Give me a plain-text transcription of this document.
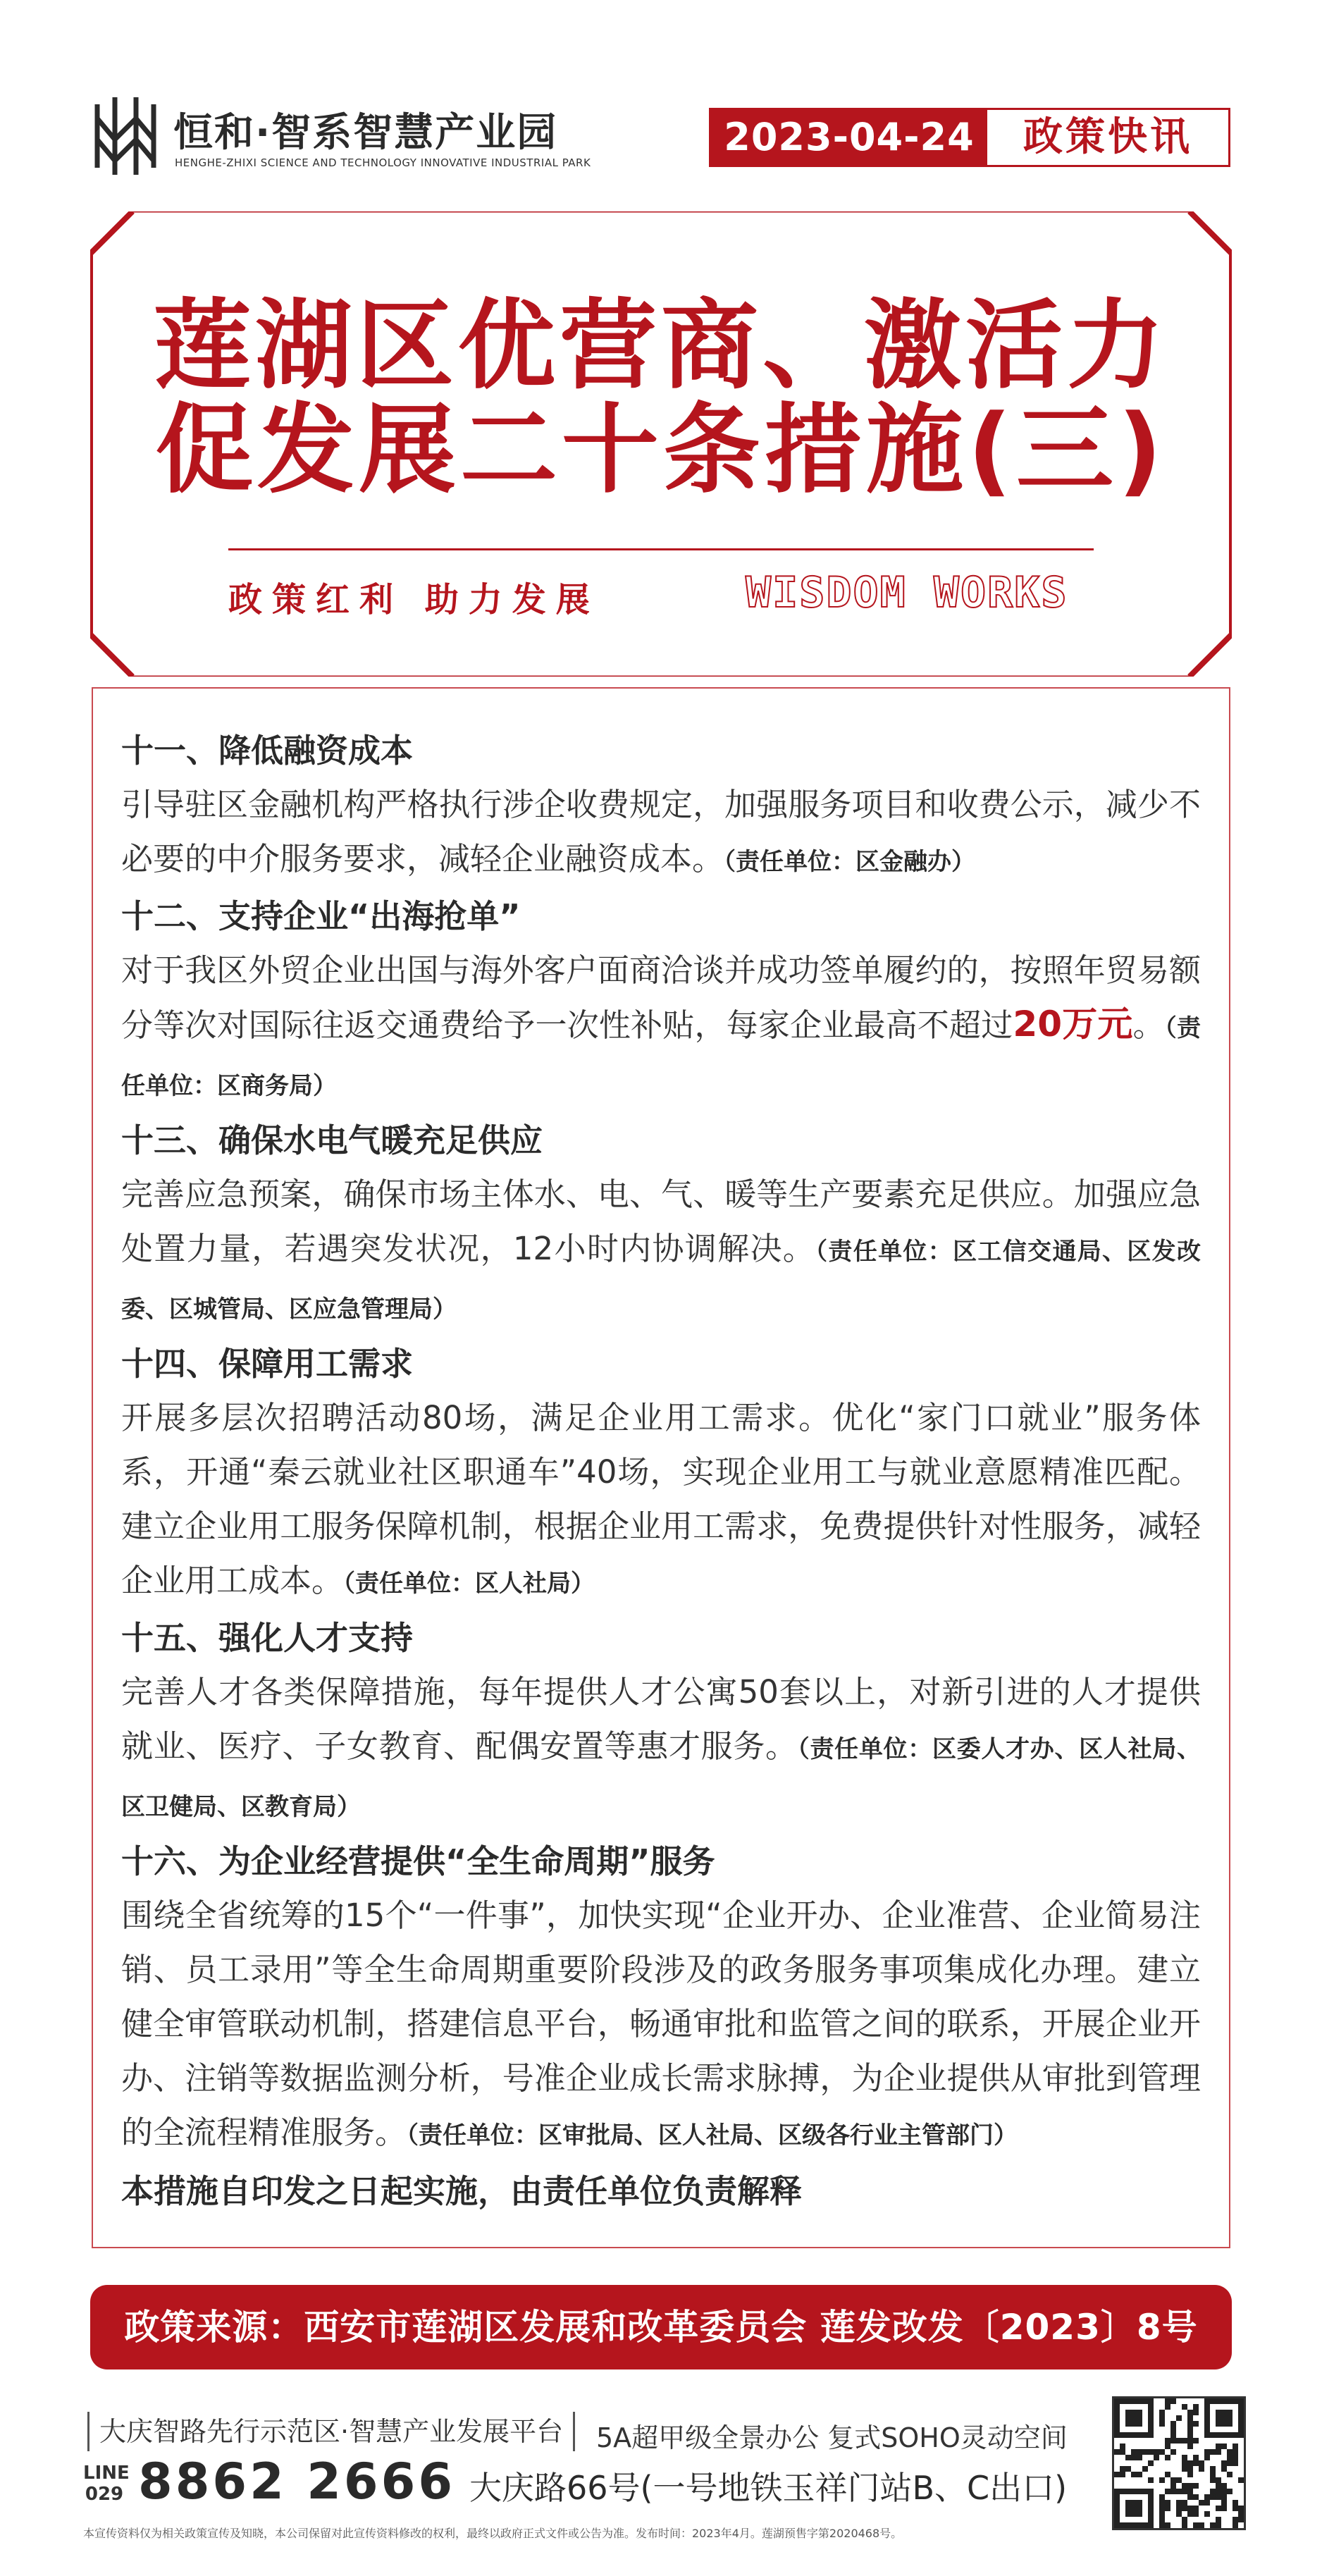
恒和·智系智慧产业园
HENGHE-ZHIXI SCIENCE AND TECHNOLOGY INNOVATIVE INDUSTRIAL PARK
2023-04-24	政策快讯
莲湖区优营商、激活力
促发展二十条措施(三)
政策红利 助力发展	WISDOM WORKS
十一、降低融资成本

引导驻区金融机构严格执行涉企收费规定，加强服务项目和收费公示，减少不必要的中介服务要求，减轻企业融资成本。（责任单位：区金融办）

十二、支持企业“出海抢单”

对于我区外贸企业出国与海外客户面商洽谈并成功签单履约的，按照年贸易额分等次对国际往返交通费给予一次性补贴，每家企业最高不超过20万元。（责任单位：区商务局）

十三、确保水电气暖充足供应

完善应急预案，确保市场主体水、电、气、暖等生产要素充足供应。加强应急处置力量，若遇突发状况，12小时内协调解决。（责任单位：区工信交通局、区发改委、区城管局、区应急管理局）

十四、保障用工需求

开展多层次招聘活动80场，满足企业用工需求。优化“家门口就业”服务体系，开通“秦云就业社区职通车”40场，实现企业用工与就业意愿精准匹配。建立企业用工服务保障机制，根据企业用工需求，免费提供针对性服务，减轻企业用工成本。（责任单位：区人社局）

十五、强化人才支持

完善人才各类保障措施，每年提供人才公寓50套以上，对新引进的人才提供就业、医疗、子女教育、配偶安置等惠才服务。（责任单位：区委人才办、区人社局、区卫健局、区教育局）

十六、为企业经营提供“全生命周期”服务

围绕全省统筹的15个“一件事”，加快实现“企业开办、企业准营、企业简易注销、员工录用”等全生命周期重要阶段涉及的政务服务事项集成化办理。建立健全审管联动机制，搭建信息平台，畅通审批和监管之间的联系，开展企业开办、注销等数据监测分析，号准企业成长需求脉搏，为企业提供从审批到管理的全流程精准服务。（责任单位：区审批局、区人社局、区级各行业主管部门）

本措施自印发之日起实施，由责任单位负责解释

政策来源：西安市莲湖区发展和改革委员会 莲发改发〔2023〕8号
大庆智路先行示范区·智慧产业发展平台	5A超甲级全景办公 复式SOHO灵动空间
LINE
029 8862 2666 大庆路66号(一号地铁玉祥门站B、C出口)
本宣传资料仅为相关政策宣传及知晓，本公司保留对此宣传资料修改的权利，最终以政府正式文件或公告为准。发布时间：2023年4月。莲湖预售字第2020468号。
